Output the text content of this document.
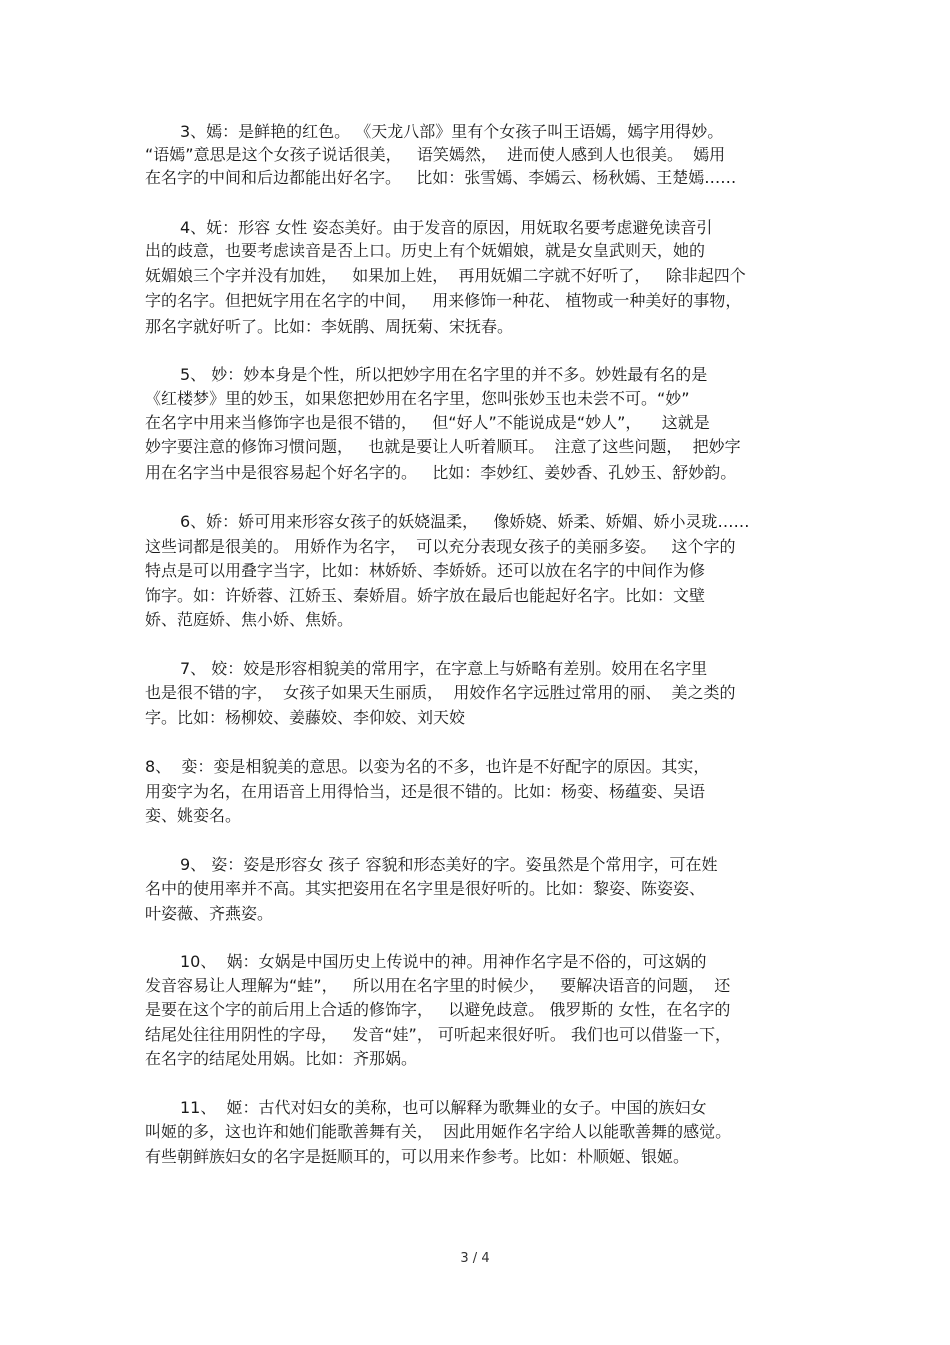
3、嫣：是鲜艳的红色。 《天龙八部》里有个女孩子叫王语嫣，嫣字用得妙。
“语嫣”意思是这个女孩子说话很美，   语笑嫣然，  进而使人感到人也很美。  嫣用
在名字的中间和后边都能出好名字。   比如：张雪嫣、李嫣云、杨秋嫣、王楚嫣……
4、妩：形容 女性 姿态美好。由于发音的原因，用妩取名要考虑避免读音引
出的歧意，也要考虑读音是否上口。历史上有个妩媚娘，就是女皇武则天，她的
妩媚娘三个字并没有加姓，   如果加上姓，  再用妩媚二字就不好听了，   除非起四个
字的名字。但把妩字用在名字的中间，   用来修饰一种花、 植物或一种美好的事物，
那名字就好听了。比如：李妩鹃、周抚菊、宋抚春。
5、 妙：妙本身是个性，所以把妙字用在名字里的并不多。妙姓最有名的是
《红楼梦》里的妙玉，如果您把妙用在名字里，您叫张妙玉也未尝不可。“妙”
在名字中用来当修饰字也是很不错的，   但“好人”不能说成是“妙人”，    这就是
妙字要注意的修饰习惯问题，   也就是要让人听着顺耳。  注意了这些问题，  把妙字
用在名字当中是很容易起个好名字的。   比如：李妙红、姜妙香、孔妙玉、舒妙韵。
6、娇：娇可用来形容女孩子的妖娆温柔，   像娇娆、娇柔、娇媚、娇小灵珑……
这些词都是很美的。 用娇作为名字，  可以充分表现女孩子的美丽多姿。   这个字的
特点是可以用叠字当字，比如：林娇娇、李娇娇。还可以放在名字的中间作为修
饰字。如：许娇蓉、江娇玉、秦娇眉。娇字放在最后也能起好名字。比如：文壁
娇、范庭娇、焦小娇、焦娇。
7、 姣：姣是形容相貌美的常用字，在字意上与娇略有差别。姣用在名字里
也是很不错的字，  女孩子如果天生丽质，  用姣作名字远胜过常用的丽、  美之类的
字。比如：杨柳姣、姜藤姣、李仰姣、刘天姣
8、  娈：娈是相貌美的意思。以娈为名的不多，也许是不好配字的原因。其实，
用娈字为名，在用语音上用得恰当，还是很不错的。比如：杨娈、杨蕴娈、吴语
娈、姚娈名。
9、 姿：姿是形容女 孩子 容貌和形态美好的字。姿虽然是个常用字，可在姓
名中的使用率并不高。其实把姿用在名字里是很好听的。比如：黎姿、陈姿姿、
叶姿薇、齐燕姿。
10、  娲：女娲是中国历史上传说中的神。用神作名字是不俗的，可这娲的
发音容易让人理解为“蛙”，   所以用在名字里的时候少，   要解决语音的问题，  还
是要在这个字的前后用上合适的修饰字，   以避免歧意。 俄罗斯的 女性，在名字的
结尾处往往用阴性的字母，   发音“娃”， 可听起来很好听。 我们也可以借鉴一下，
在名字的结尾处用娲。比如：齐那娲。
11、  姬：古代对妇女的美称，也可以解释为歌舞业的女子。中国的族妇女
叫姬的多，这也许和她们能歌善舞有关，  因此用姬作名字给人以能歌善舞的感觉。
有些朝鲜族妇女的名字是挺顺耳的，可以用来作参考。比如：朴顺姬、银姬。
3 / 4
